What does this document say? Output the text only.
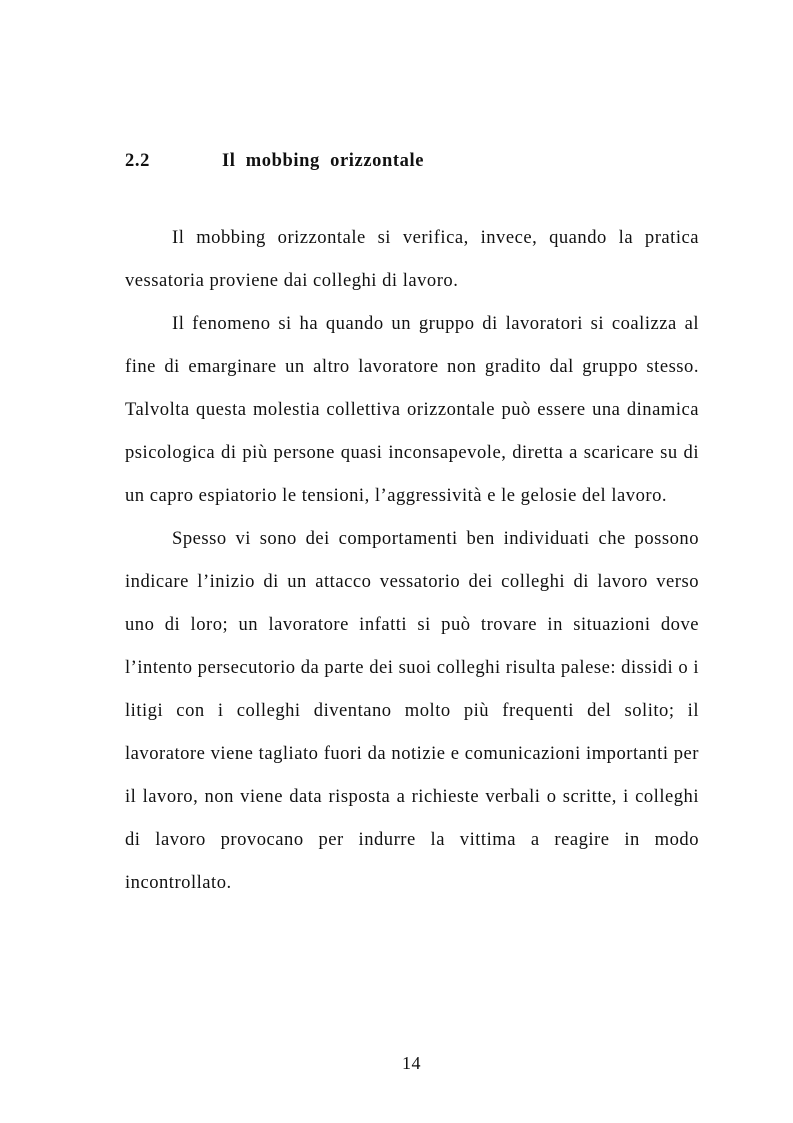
2.2	Il mobbing orizzontale

Il mobbing orizzontale si verifica, invece, quando la pratica vessatoria proviene dai colleghi di lavoro.

Il fenomeno si ha quando un gruppo di lavoratori si coalizza al fine di emarginare un altro lavoratore non gradito dal gruppo stesso. Talvolta questa molestia collettiva orizzontale può essere una dinamica psicologica di più persone quasi inconsapevole, diretta a scaricare su di un capro espiatorio le tensioni, l’aggressività e le gelosie del lavoro.

Spesso vi sono dei comportamenti ben individuati che possono indicare l’inizio di un attacco vessatorio dei colleghi di lavoro verso uno di loro; un lavoratore infatti si può trovare in situazioni dove l’intento persecutorio da parte dei suoi colleghi risulta palese: dissidi o i litigi con i colleghi diventano molto più frequenti del solito; il lavoratore viene tagliato fuori da notizie e comunicazioni importanti per il lavoro, non viene data risposta a richieste verbali o scritte, i colleghi di lavoro provocano per indurre la vittima a reagire in modo incontrollato.

14
